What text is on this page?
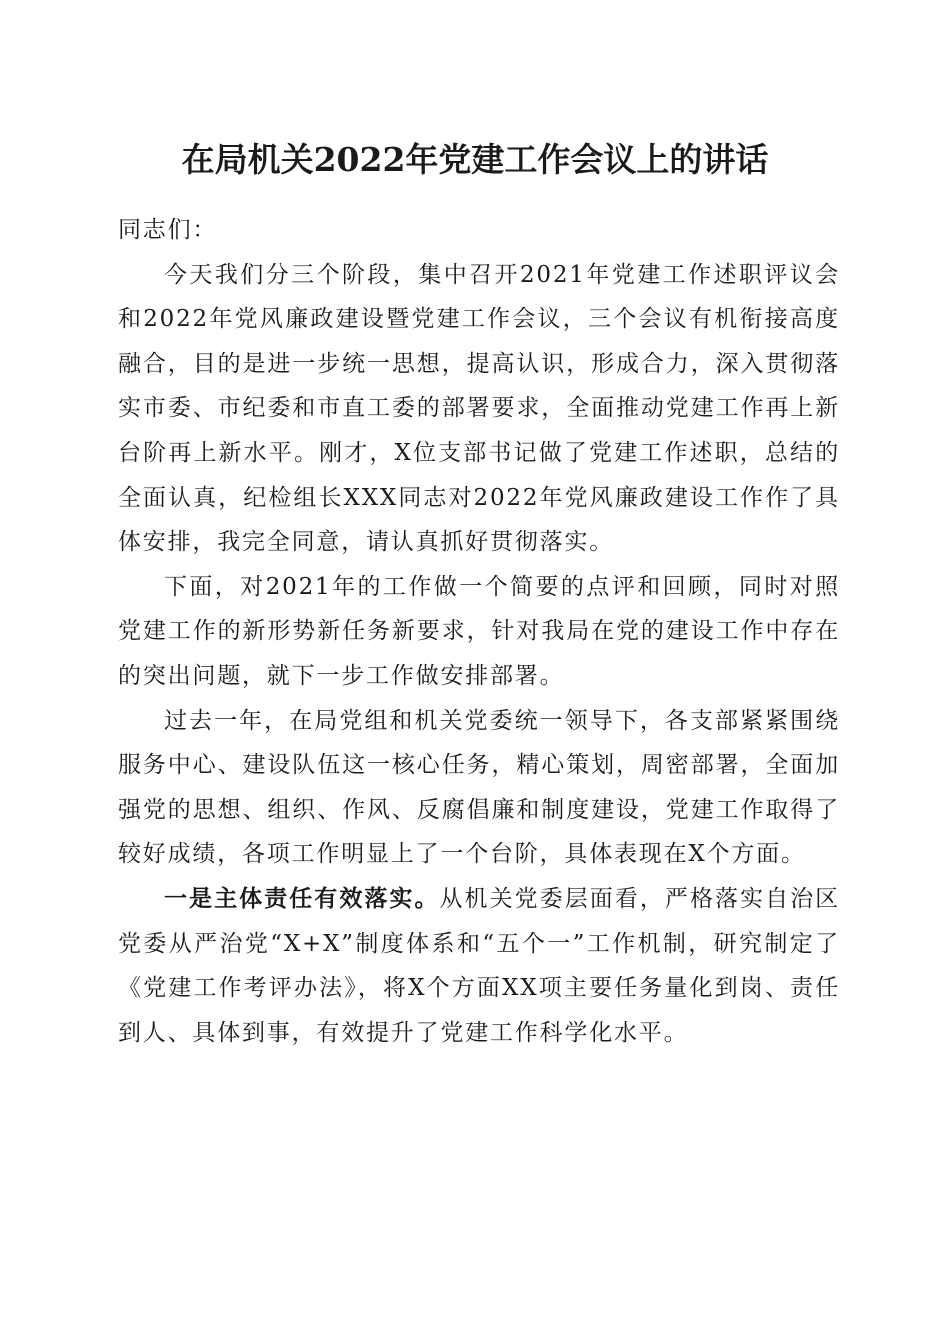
在局机关2022年党建工作会议上的讲话

同志们：

今天我们分三个阶段，集中召开2021年党建工作述职评议会和2022年党风廉政建设暨党建工作会议，三个会议有机衔接高度融合，目的是进一步统一思想，提高认识，形成合力，深入贯彻落实市委、市纪委和市直工委的部署要求，全面推动党建工作再上新台阶再上新水平。刚才，X位支部书记做了党建工作述职，总结的全面认真，纪检组长XXX同志对2022年党风廉政建设工作作了具体安排，我完全同意，请认真抓好贯彻落实。

下面，对2021年的工作做一个简要的点评和回顾，同时对照党建工作的新形势新任务新要求，针对我局在党的建设工作中存在的突出问题，就下一步工作做安排部署。

过去一年，在局党组和机关党委统一领导下，各支部紧紧围绕服务中心、建设队伍这一核心任务，精心策划，周密部署，全面加强党的思想、组织、作风、反腐倡廉和制度建设，党建工作取得了较好成绩，各项工作明显上了一个台阶，具体表现在X个方面。

一是主体责任有效落实。从机关党委层面看，严格落实自治区党委从严治党“X+X”制度体系和“五个一”工作机制，研究制定了《党建工作考评办法》，将X个方面XX项主要任务量化到岗、责任到人、具体到事，有效提升了党建工作科学化水平。
